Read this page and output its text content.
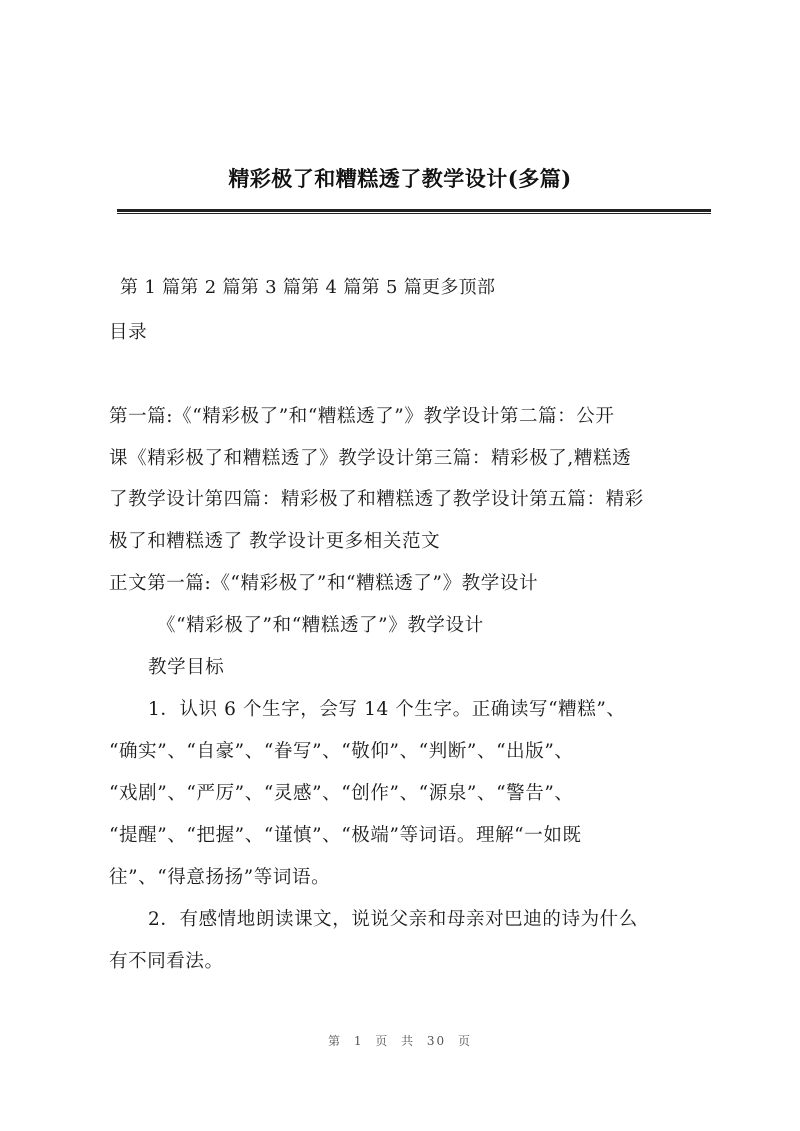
精彩极了和糟糕透了教学设计(多篇)
第 1 篇第 2 篇第 3 篇第 4 篇第 5 篇更多顶部
目录
第一篇:《“精彩极了”和“糟糕透了”》教学设计第二篇：公开
课《精彩极了和糟糕透了》教学设计第三篇：精彩极了,糟糕透
了教学设计第四篇：精彩极了和糟糕透了教学设计第五篇：精彩
极了和糟糕透了 教学设计更多相关范文
正文第一篇:《“精彩极了”和“糟糕透了”》教学设计
《“精彩极了”和“糟糕透了”》教学设计
教学目标
1．认识 6 个生字，会写 14 个生字。正确读写“糟糕”、
“确实”、“自豪”、“眷写”、“敬仰”、“判断”、“出版”、
“戏剧”、“严厉”、“灵感”、“创作”、“源泉”、“警告”、
“提醒”、“把握”、“谨慎”、“极端”等词语。理解“一如既
往”、“得意扬扬”等词语。
2．有感情地朗读课文，说说父亲和母亲对巴迪的诗为什么
有不同看法。
第 1 页 共 30 页
